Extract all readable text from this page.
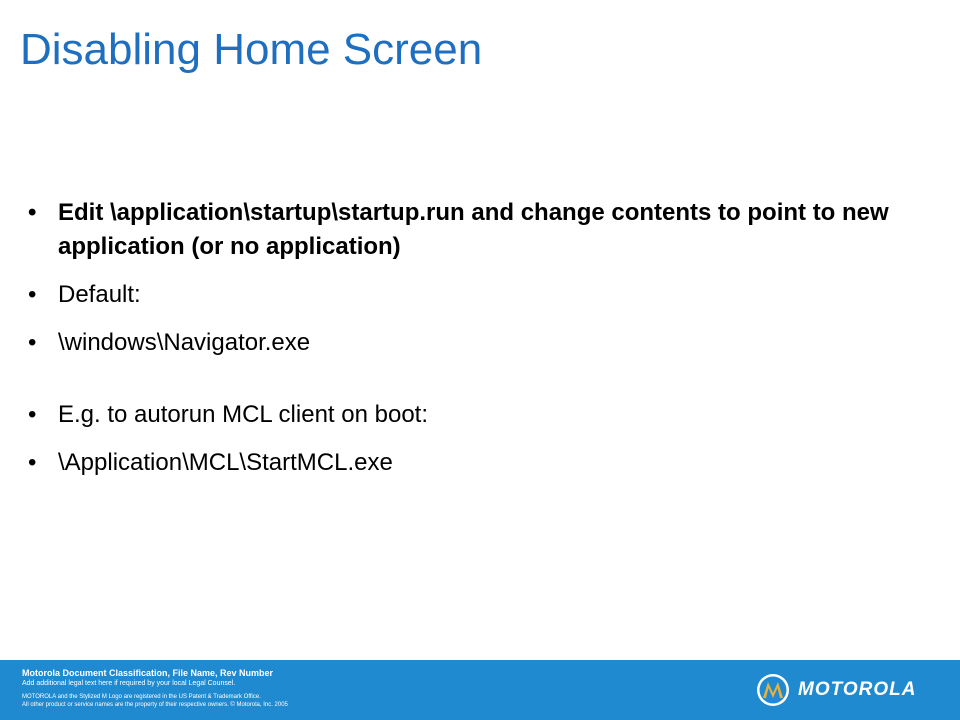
Disabling Home Screen
• Edit \application\startup\startup.run and change contents to point to new application (or no application)
• Default:
• \windows\Navigator.exe
• E.g. to autorun MCL client on boot:
• \Application\MCL\StartMCL.exe
Motorola Document Classification, File Name, Rev Number
Add additional legal text here if required by your local Legal Counsel.
MOTOROLA and the Stylized M Logo are registered in the US Patent & Trademark Office.
All other product or service names are the property of their respective owners. © Motorola, Inc. 2005
MOTOROLA
